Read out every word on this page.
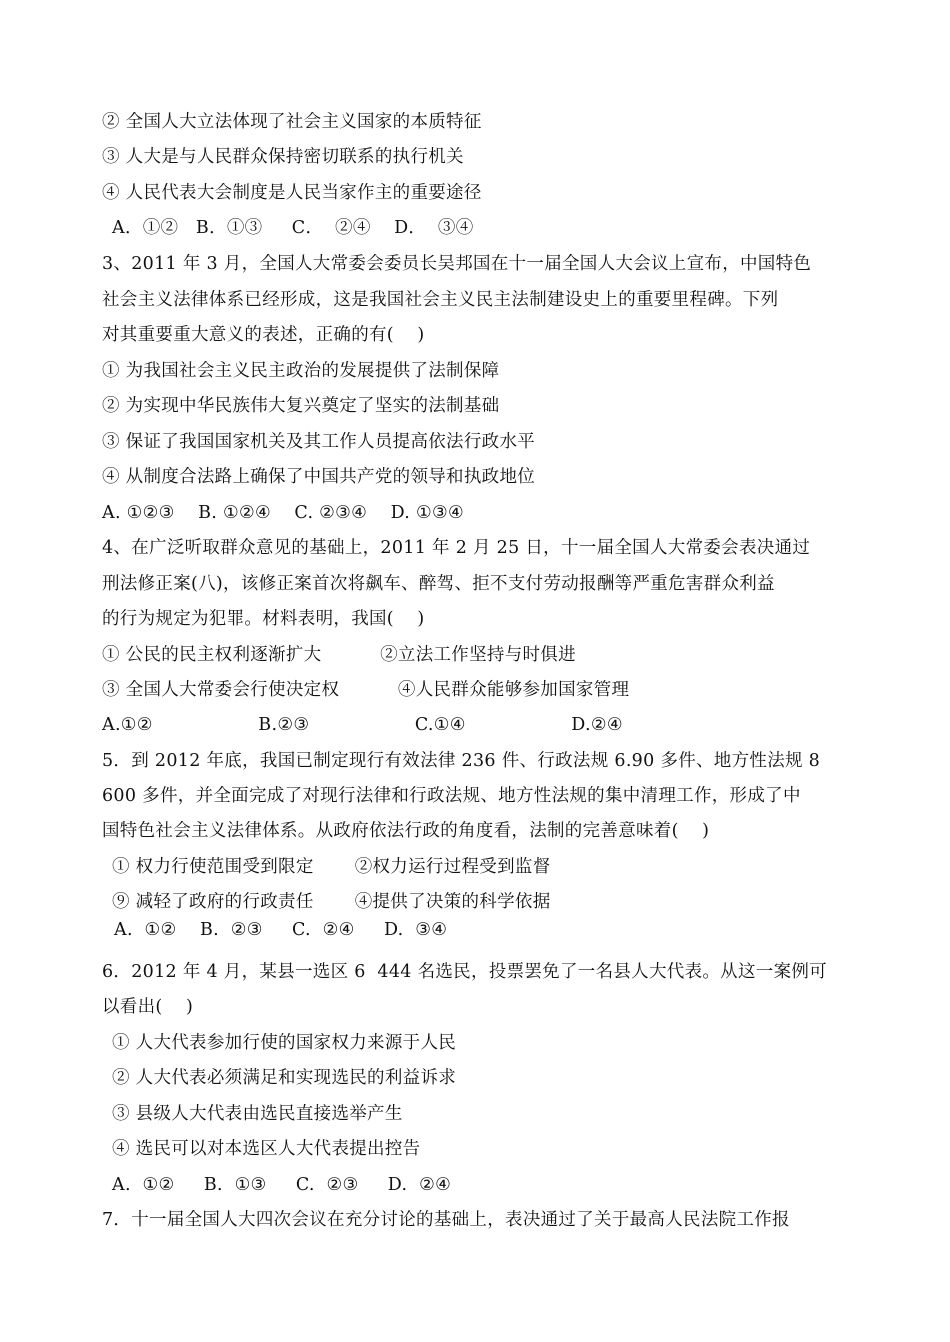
② 全国人大立法体现了社会主义国家的本质特征
③ 人大是与人民群众保持密切联系的执行机关
④ 人民代表大会制度是人民当家作主的重要途径
A．①②   B．①③     C．  ②④    D．  ③④
3、2011 年 3 月，全国人大常委会委员长吴邦国在十一届全国人大会议上宣布，中国特色
社会主义法律体系已经形成，这是我国社会主义民主法制建设史上的重要里程碑。下列
对其重要重大意义的表述，正确的有(    )
① 为我国社会主义民主政治的发展提供了法制保障
② 为实现中华民族伟大复兴奠定了坚实的法制基础
③ 保证了我国国家机关及其工作人员提高依法行政水平
④ 从制度合法路上确保了中国共产党的领导和执政地位
A. ①②③    B. ①②④    C. ②③④    D. ①③④
4、在广泛听取群众意见的基础上，2011 年 2 月 25 日，十一届全国人大常委会表决通过
刑法修正案(八)，该修正案首次将飙车、醉驾、拒不支付劳动报酬等严重危害群众利益
的行为规定为犯罪。材料表明，我国(    )
① 公民的民主权利逐渐扩大          ②立法工作坚持与时俱进
③ 全国人大常委会行使决定权          ④人民群众能够参加国家管理
A.①②                  B.②③                  C.①④                  D.②④
5．到 2012 年底，我国已制定现行有效法律 236 件、行政法规 6.90 多件、地方性法规 8
600 多件，并全面完成了对现行法律和行政法规、地方性法规的集中清理工作，形成了中
国特色社会主义法律体系。从政府依法行政的角度看，法制的完善意味着(    )
① 权力行使范围受到限定       ②权力运行过程受到监督
⑨ 减轻了政府的行政责任       ④提供了决策的科学依据
A.  ①②    B.  ②③     C.  ②④     D.  ③④
6．2012 年 4 月，某县一选区 6  444 名选民，投票罢免了一名县人大代表。从这一案例可
以看出(    )
① 人大代表参加行使的国家权力来源于人民
② 人大代表必须满足和实现选民的利益诉求
③ 县级人大代表由选民直接选举产生
④ 选民可以对本选区人大代表提出控告
A.  ①②     B.  ①③     C.  ②③     D.  ②④
7．十一届全国人大四次会议在充分讨论的基础上，表决通过了关于最高人民法院工作报
